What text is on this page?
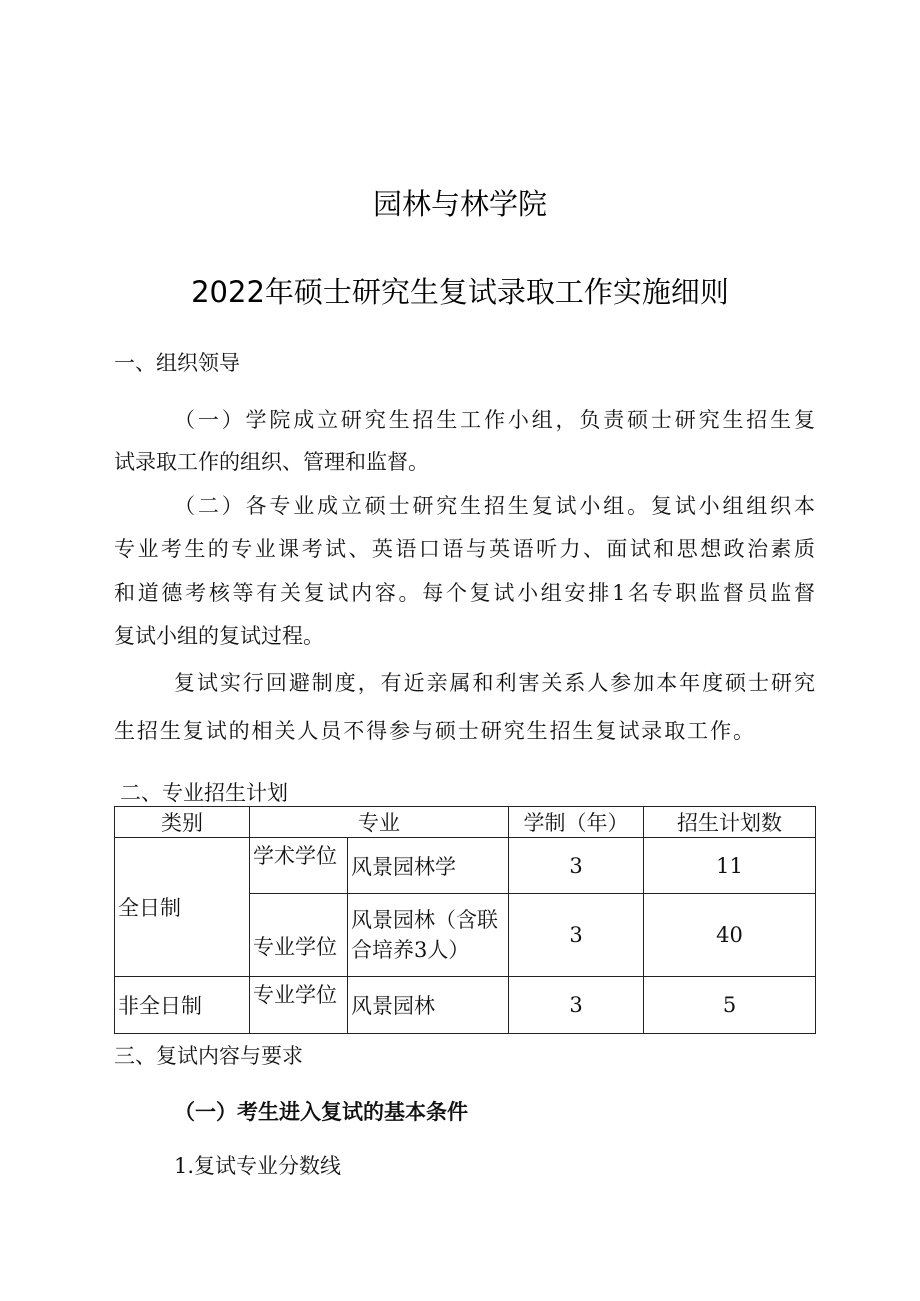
园林与林学院
2022年硕士研究生复试录取工作实施细则
一、组织领导
（一）学院成立研究生招生工作小组，负责硕士研究生招生复
试录取工作的组织、管理和监督。
（二）各专业成立硕士研究生招生复试小组。复试小组组织本
专业考生的专业课考试、英语口语与英语听力、面试和思想政治素质
和道德考核等有关复试内容。每个复试小组安排1名专职监督员监督
复试小组的复试过程。
复试实行回避制度，有近亲属和利害关系人参加本年度硕士研究
生招生复试的相关人员不得参与硕士研究生招生复试录取工作。
二、专业招生计划
类别	专业		学制（年）	招生计划数
全日制	学术学位	风景园林学	3	11
	专业学位	风景园林（含联合培养3人）	3	40
非全日制	专业学位	风景园林	3	5
三、复试内容与要求
（一）考生进入复试的基本条件
1.复试专业分数线
